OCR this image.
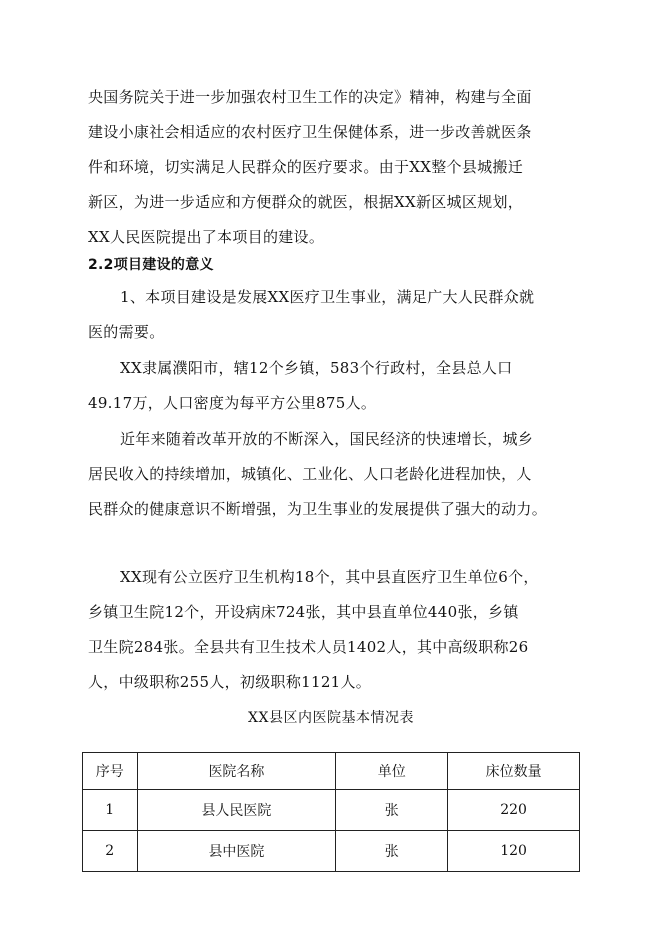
央国务院关于进一步加强农村卫生工作的决定》精神，构建与全面
建设小康社会相适应的农村医疗卫生保健体系，进一步改善就医条
件和环境，切实满足人民群众的医疗要求。由于XX整个县城搬迁
新区，为进一步适应和方便群众的就医，根据XX新区城区规划，
XX人民医院提出了本项目的建设。
2.2项目建设的意义
1、本项目建设是发展XX医疗卫生事业，满足广大人民群众就
医的需要。
XX隶属濮阳市，辖12个乡镇，583个行政村，全县总人口
49.17万，人口密度为每平方公里875人。
近年来随着改革开放的不断深入，国民经济的快速增长，城乡
居民收入的持续增加，城镇化、工业化、人口老龄化进程加快，人
民群众的健康意识不断增强，为卫生事业的发展提供了强大的动力。
XX现有公立医疗卫生机构18个，其中县直医疗卫生单位6个，
乡镇卫生院12个，开设病床724张，其中县直单位440张，乡镇
卫生院284张。全县共有卫生技术人员1402人，其中高级职称26
人，中级职称255人，初级职称1121人。
XX县区内医院基本情况表
序号	医院名称	单位	床位数量
1	县人民医院	张	220
2	县中医院	张	120
